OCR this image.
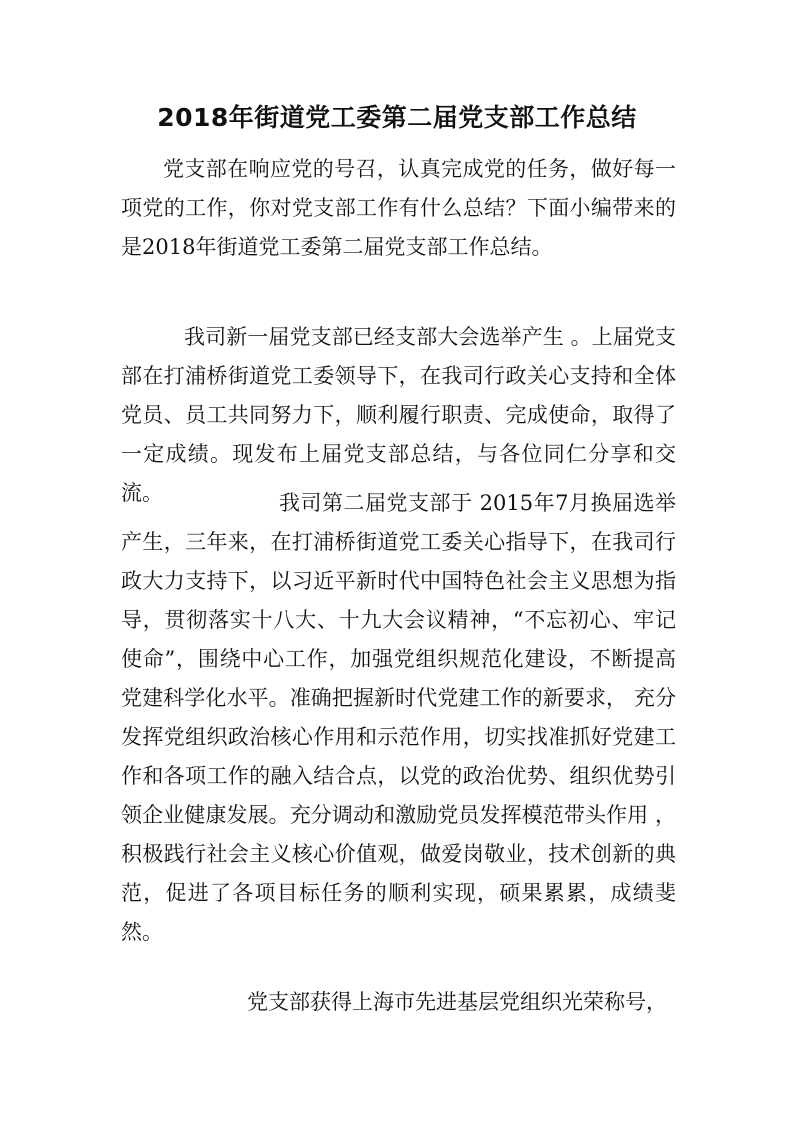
2018年街道党工委第二届党支部工作总结

党支部在响应党的号召，认真完成党的任务，做好每一项党的工作，你对党支部工作有什么总结？下面小编带来的是2018年街道党工委第二届党支部工作总结。

我司新一届党支部已经支部大会选举产生 。上届党支部在打浦桥街道党工委领导下，在我司行政关心支持和全体党员、员工共同努力下，顺利履行职责、完成使命，取得了一定成绩。现发布上届党支部总结，与各位同仁分享和交流。	我司第二届党支部于 2015年7月换届选举产生，三年来，在打浦桥街道党工委关心指导下，在我司行政大力支持下，以习近平新时代中国特色社会主义思想为指导，贯彻落实十八大、十九大会议精神，“不忘初心、牢记使命”，围绕中心工作，加强党组织规范化建设，不断提高党建科学化水平。准确把握新时代党建工作的新要求， 充分发挥党组织政治核心作用和示范作用，切实找准抓好党建工作和各项工作的融入结合点，以党的政治优势、组织优势引领企业健康发展。充分调动和激励党员发挥模范带头作用 ，积极践行社会主义核心价值观，做爱岗敬业，技术创新的典范，促进了各项目标任务的顺利实现，硕果累累，成绩斐然。

党支部获得上海市先进基层党组织光荣称号，
